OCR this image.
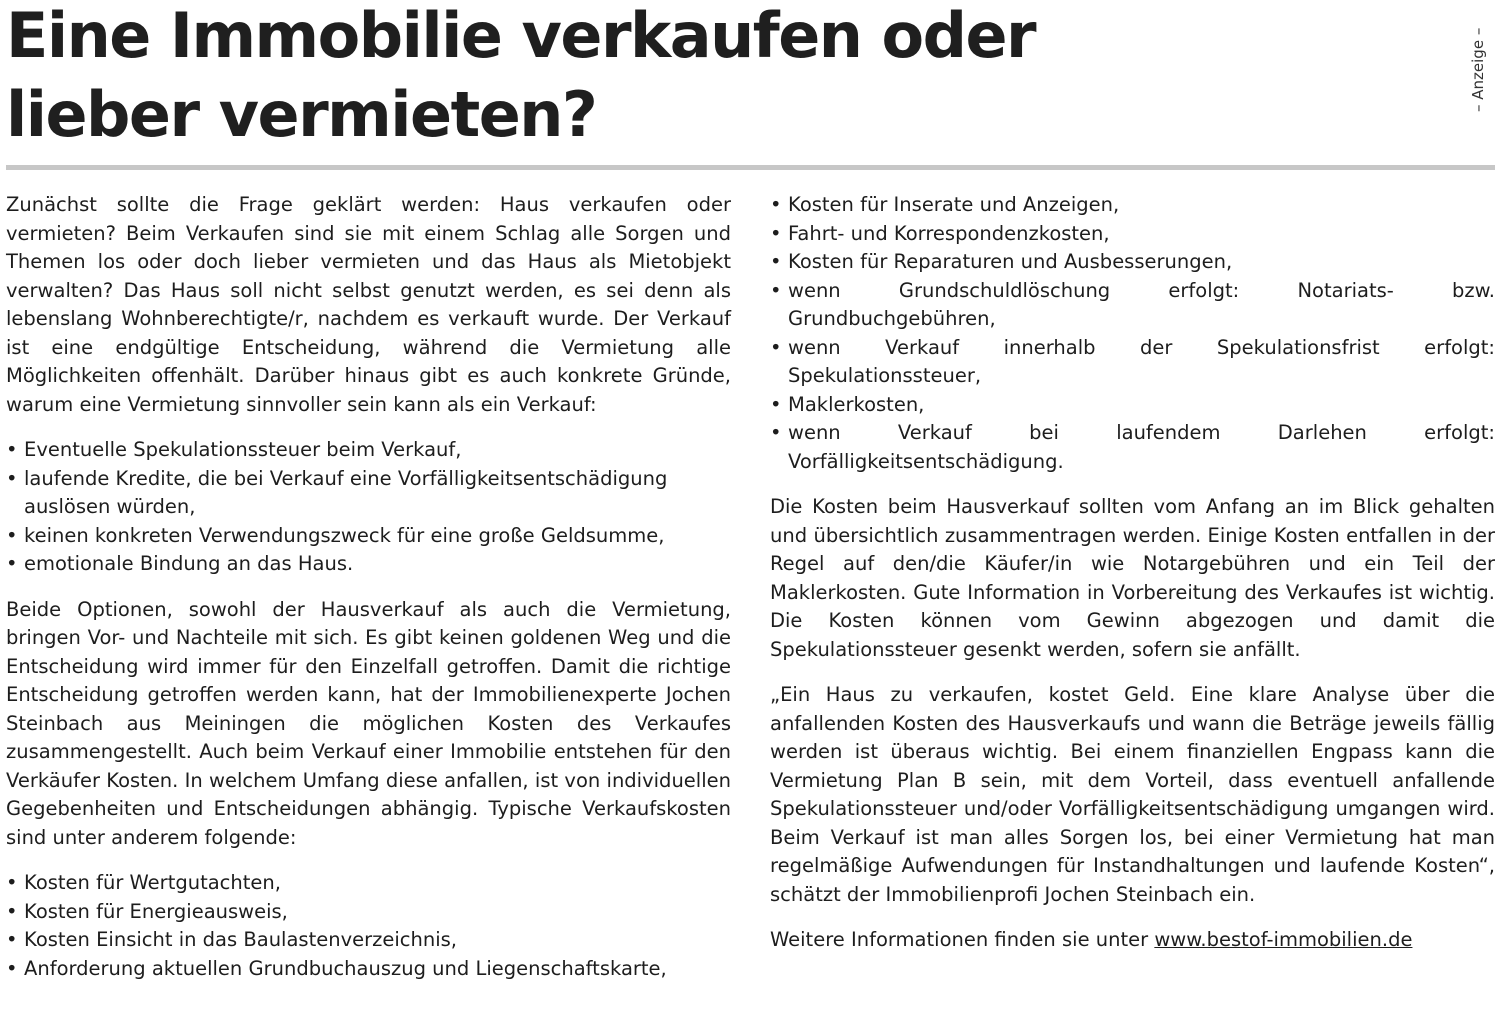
Eine Immobilie verkaufen oder
lieber vermieten?
– Anzeige –

Zunächst sollte die Frage geklärt werden: Haus verkaufen oder vermieten? Beim Verkaufen sind sie mit einem Schlag alle Sorgen und Themen los oder doch lieber vermieten und das Haus als Mietobjekt verwalten? Das Haus soll nicht selbst genutzt werden, es sei denn als lebenslang Wohnberechtigte/r, nachdem es verkauft wurde. Der Verkauf ist eine endgültige Entscheidung, während die Vermietung alle Möglichkeiten offenhält. Darüber hinaus gibt es auch konkrete Gründe, warum eine Vermietung sinnvoller sein kann als ein Verkauf:

• Eventuelle Spekulationssteuer beim Verkauf,
• laufende Kredite, die bei Verkauf eine Vorfälligkeitsentschädigung auslösen würden,
• keinen konkreten Verwendungszweck für eine große Geldsumme,
• emotionale Bindung an das Haus.

Beide Optionen, sowohl der Hausverkauf als auch die Vermietung, bringen Vor- und Nachteile mit sich. Es gibt keinen goldenen Weg und die Entscheidung wird immer für den Einzelfall getroffen. Damit die richtige Entscheidung getroffen werden kann, hat der Immobilienexperte Jochen Steinbach aus Meiningen die möglichen Kosten des Verkaufes zusammengestellt. Auch beim Verkauf einer Immobilie entstehen für den Verkäufer Kosten. In welchem Umfang diese anfallen, ist von individuellen Gegebenheiten und Entscheidungen abhängig. Typische Verkaufskosten sind unter anderem folgende:

• Kosten für Wertgutachten,
• Kosten für Energieausweis,
• Kosten Einsicht in das Baulastenverzeichnis,
• Anforderung aktuellen Grundbuchauszug und Liegenschaftskarte,
• Kosten für Inserate und Anzeigen,
• Fahrt- und Korrespondenzkosten,
• Kosten für Reparaturen und Ausbesserungen,
• wenn Grundschuldlöschung erfolgt: Notariats- bzw. Grundbuchgebühren,
• wenn Verkauf innerhalb der Spekulationsfrist erfolgt: Spekulationssteuer,
• Maklerkosten,
• wenn Verkauf bei laufendem Darlehen erfolgt: Vorfälligkeitsentschädigung.

Die Kosten beim Hausverkauf sollten vom Anfang an im Blick gehalten und übersichtlich zusammentragen werden. Einige Kosten entfallen in der Regel auf den/die Käufer/in wie Notargebühren und ein Teil der Maklerkosten. Gute Information in Vorbereitung des Verkaufes ist wichtig. Die Kosten können vom Gewinn abgezogen und damit die Spekulationssteuer gesenkt werden, sofern sie anfällt.

„Ein Haus zu verkaufen, kostet Geld. Eine klare Analyse über die anfallenden Kosten des Hausverkaufs und wann die Beträge jeweils fällig werden ist überaus wichtig. Bei einem finanziellen Engpass kann die Vermietung Plan B sein, mit dem Vorteil, dass eventuell anfallende Spekulationssteuer und/oder Vorfälligkeitsentschädigung umgangen wird. Beim Verkauf ist man alles Sorgen los, bei einer Vermietung hat man regelmäßige Aufwendungen für Instandhaltungen und laufende Kosten“, schätzt der Immobilienprofi Jochen Steinbach ein.

Weitere Informationen finden sie unter www.bestof-immobilien.de
